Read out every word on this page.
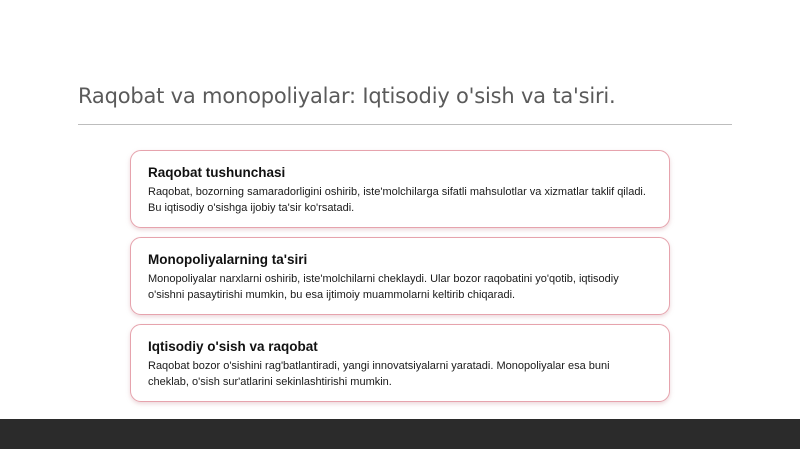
Raqobat va monopoliyalar: Iqtisodiy o'sish va ta'siri.
Raqobat tushunchasi

Raqobat, bozorning samaradorligini oshirib, iste'molchilarga sifatli mahsulotlar va xizmatlar taklif qiladi. Bu iqtisodiy o'sishga ijobiy ta'sir ko'rsatadi.

Monopoliyalarning ta'siri

Monopoliyalar narxlarni oshirib, iste'molchilarni cheklaydi. Ular bozor raqobatini yo'qotib, iqtisodiy o'sishni pasaytirishi mumkin, bu esa ijtimoiy muammolarni keltirib chiqaradi.

Iqtisodiy o'sish va raqobat

Raqobat bozor o'sishini rag'batlantiradi, yangi innovatsiyalarni yaratadi. Monopoliyalar esa buni cheklab, o'sish sur'atlarini sekinlashtirishi mumkin.
